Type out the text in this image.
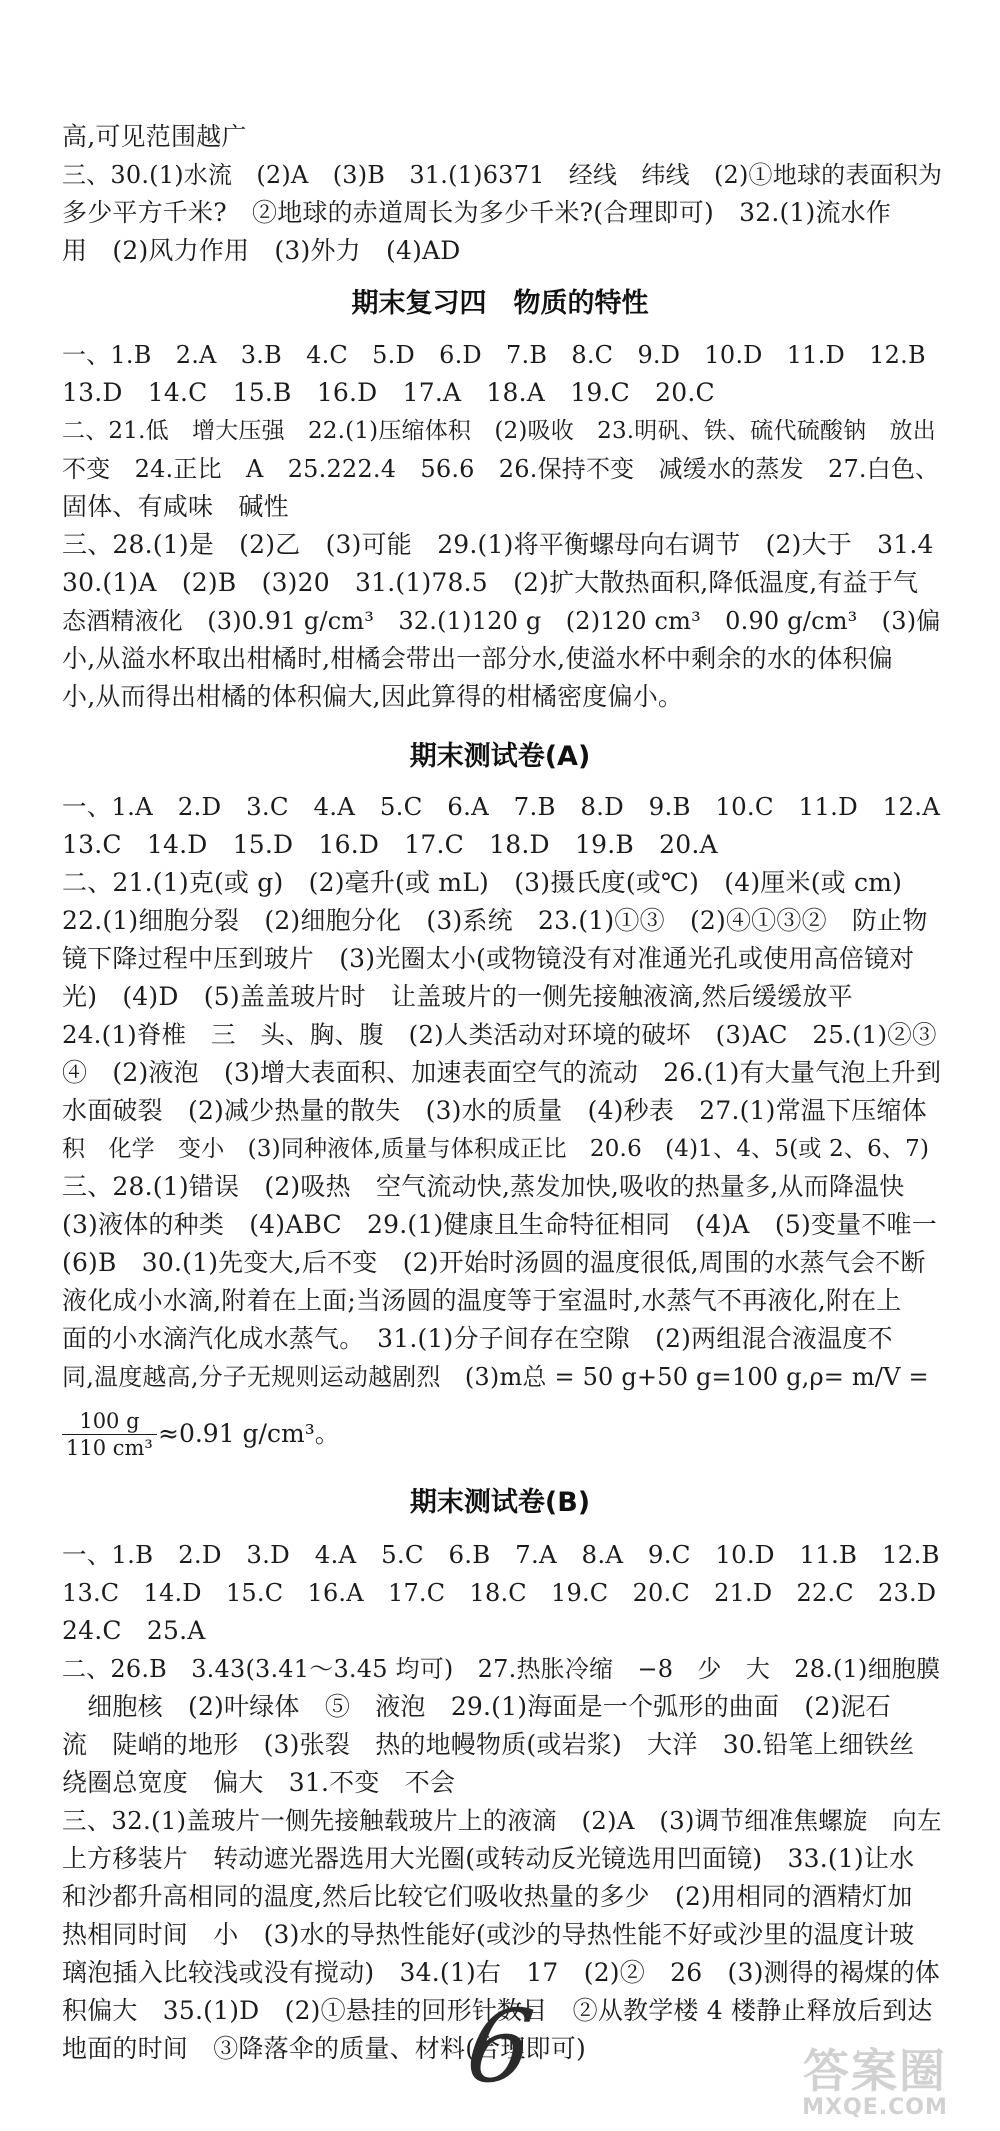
高,可见范围越广
三、30.(1)水流　(2)A　(3)B　31.(1)6371　经线　纬线　(2)①地球的表面积为
多少平方千米?　②地球的赤道周长为多少千米?(合理即可)　32.(1)流水作
用　(2)风力作用　(3)外力　(4)AD
期末复习四　物质的特性
一、1.B　2.A　3.B　4.C　5.D　6.D　7.B　8.C　9.D　10.D　11.D　12.B
13.D　14.C　15.B　16.D　17.A　18.A　19.C　20.C
二、21.低　增大压强　22.(1)压缩体积　(2)吸收　23.明矾、铁、硫代硫酸钠　放出
不变　24.正比　A　25.222.4　56.6　26.保持不变　减缓水的蒸发　27.白色、
固体、有咸味　碱性
三、28.(1)是　(2)乙　(3)可能　29.(1)将平衡螺母向右调节　(2)大于　31.4
30.(1)A　(2)B　(3)20　31.(1)78.5　(2)扩大散热面积,降低温度,有益于气
态酒精液化　(3)0.91 g/cm³　32.(1)120 g　(2)120 cm³　0.90 g/cm³　(3)偏
小,从溢水杯取出柑橘时,柑橘会带出一部分水,使溢水杯中剩余的水的体积偏
小,从而得出柑橘的体积偏大,因此算得的柑橘密度偏小。
期末测试卷(A)
一、1.A　2.D　3.C　4.A　5.C　6.A　7.B　8.D　9.B　10.C　11.D　12.A
13.C　14.D　15.D　16.D　17.C　18.D　19.B　20.A
二、21.(1)克(或 g)　(2)毫升(或 mL)　(3)摄氏度(或℃)　(4)厘米(或 cm)
22.(1)细胞分裂　(2)细胞分化　(3)系统　23.(1)①③　(2)④①③②　防止物
镜下降过程中压到玻片　(3)光圈太小(或物镜没有对准通光孔或使用高倍镜对
光)　(4)D　(5)盖盖玻片时　让盖玻片的一侧先接触液滴,然后缓缓放平
24.(1)脊椎　三　头、胸、腹　(2)人类活动对环境的破坏　(3)AC　25.(1)②③
④　(2)液泡　(3)增大表面积、加速表面空气的流动　26.(1)有大量气泡上升到
水面破裂　(2)减少热量的散失　(3)水的质量　(4)秒表　27.(1)常温下压缩体
积　化学　变小　(3)同种液体,质量与体积成正比　20.6　(4)1、4、5(或 2、6、7)
三、28.(1)错误　(2)吸热　空气流动快,蒸发加快,吸收的热量多,从而降温快
(3)液体的种类　(4)ABC　29.(1)健康且生命特征相同　(4)A　(5)变量不唯一
(6)B　30.(1)先变大,后不变　(2)开始时汤圆的温度很低,周围的水蒸气会不断
液化成小水滴,附着在上面;当汤圆的温度等于室温时,水蒸气不再液化,附在上
面的小水滴汽化成水蒸气。　31.(1)分子间存在空隙　(2)两组混合液温度不
同,温度越高,分子无规则运动越剧烈　(3)m总 = 50 g+50 g=100 g,ρ= m/V =
$\frac{100 g}{\text{110 cm³}} \approx 0.91$ g/cm³。
期末测试卷(B)
一、1.B　2.D　3.D　4.A　5.C　6.B　7.A　8.A　9.C　10.D　11.B　12.B
13.C　14.D　15.C　16.A　17.C　18.C　19.C　20.C　21.D　22.C　23.D
24.C　25.A
二、26.B　3.43(3.41～3.45 均可)　27.热胀冷缩　−8　少　大　28.(1)细胞膜
　细胞核　(2)叶绿体　⑤　液泡　29.(1)海面是一个弧形的曲面　(2)泥石
流　陡峭的地形　(3)张裂　热的地幔物质(或岩浆)　大洋　30.铅笔上细铁丝
绕圈总宽度　偏大　31.不变　不会
三、32.(1)盖玻片一侧先接触载玻片上的液滴　(2)A　(3)调节细准焦螺旋　向左
上方移装片　转动遮光器选用大光圈(或转动反光镜选用凹面镜)　33.(1)让水
和沙都升高相同的温度,然后比较它们吸收热量的多少　(2)用相同的酒精灯加
热相同时间　小　(3)水的导热性能好(或沙的导热性能不好或沙里的温度计玻
璃泡插入比较浅或没有搅动)　34.(1)右　17　(2)②　26　(3)测得的褐煤的体
积偏大　35.(1)D　(2)①悬挂的回形针数目　②从教学楼 4 楼静止释放后到达
地面的时间　③降落伞的质量、材料(合理即可)
6	答案圈
MXQE.COM
